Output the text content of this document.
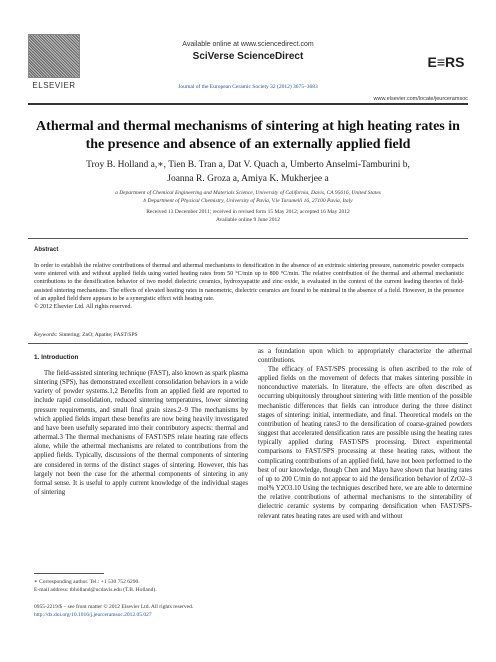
ELSEVIER
Available online at www.sciencedirect.com
SciVerse ScienceDirect
Journal of the European Ceramic Society 32 (2012) 3675–3683
E≡RS
www.elsevier.com/locate/jeurceramsoc
Athermal and thermal mechanisms of sintering at high heating rates in the presence and absence of an externally applied field
Troy B. Holland a,∗, Tien B. Tran a, Dat V. Quach a, Umberto Anselmi-Tamburini b,
Joanna R. Groza a, Amiya K. Mukherjee a
a Department of Chemical Engineering and Materials Science, University of California, Davis, CA 95616, United States
b Department of Physical Chemistry, University of Pavia, V.le Taramelli 16, 27100 Pavia, Italy
Received 13 December 2011; received in revised form 15 May 2012; accepted 16 May 2012
Available online 9 June 2012
Abstract
In order to establish the relative contributions of thermal and athermal mechanisms to densification in the absence of an extrinsic sintering pressure, nanometric powder compacts were sintered with and without applied fields using varied heating rates from 50 °C/min up to 800 °C/min. The relative contribution of the thermal and athermal mechanistic contributions to the densification behavior of two model dielectric ceramics, hydroxyapatite and zinc oxide, is evaluated in the context of the current leading theories of field-assisted sintering mechanisms. The effects of elevated heating rates in nanometric, dielectric ceramics are found to be minimal in the absence of a field. However, in the presence of an applied field there appears to be a synergistic effect with heating rate.
© 2012 Elsevier Ltd. All rights reserved.
Keywords: Sintering; ZnO; Apatite; FAST/SPS
1. Introduction

The field-assisted sintering technique (FAST), also known as spark plasma sintering (SPS), has demonstrated excellent consolidation behaviors in a wide variety of powder systems.1,2 Benefits from an applied field are reported to include rapid consolidation, reduced sintering temperatures, lower sintering pressure requirements, and small final grain sizes.2–9 The mechanisms by which applied fields impart these benefits are now being heavily investigated and have been usefully separated into their contributory aspects: thermal and athermal.3 The thermal mechanisms of FAST/SPS relate heating rate effects alone, while the athermal mechanisms are related to contributions from the applied fields. Typically, discussions of the thermal components of sintering are considered in terms of the distinct stages of sintering. However, this has largely not been the case for the athermal components of sintering in any formal sense. It is useful to apply current knowledge of the individual stages of sintering

as a foundation upon which to appropriately characterize the athermal contributions.

The efficacy of FAST/SPS processing is often ascribed to the role of applied fields on the movement of defects that makes sintering possible in nonconductive materials. In literature, the effects are often described as occurring ubiquitously throughout sintering with little mention of the possible mechanistic differences that fields can introduce during the three distinct stages of sintering: initial, intermediate, and final. Theoretical models on the contribution of heating rates3 to the densification of coarse-grained powders suggest that accelerated densification rates are possible using the heating rates typically applied during FAST/SPS processing. Direct experimental comparisons to FAST/SPS processing at these heating rates, without the complicating contributions of an applied field, have not been performed to the best of our knowledge, though Chen and Mayo have shown that heating rates of up to 200 C/min do not appear to aid the densification behavior of ZrO2–3 mol% Y2O3.10 Using the techniques described here, we are able to determine the relative contributions of athermal mechanisms to the sinterability of dielectric ceramic systems by comparing densification when FAST/SPS-relevant rates heating rates are used with and without

∗ Corresponding author. Tel.: +1 530 752 6290.
E-mail address: tbholland@ucdavis.edu (T.B. Holland).
0955-2219/$ – see front matter © 2012 Elsevier Ltd. All rights reserved.
http://dx.doi.org/10.1016/j.jeurceramsoc.2012.05.027
